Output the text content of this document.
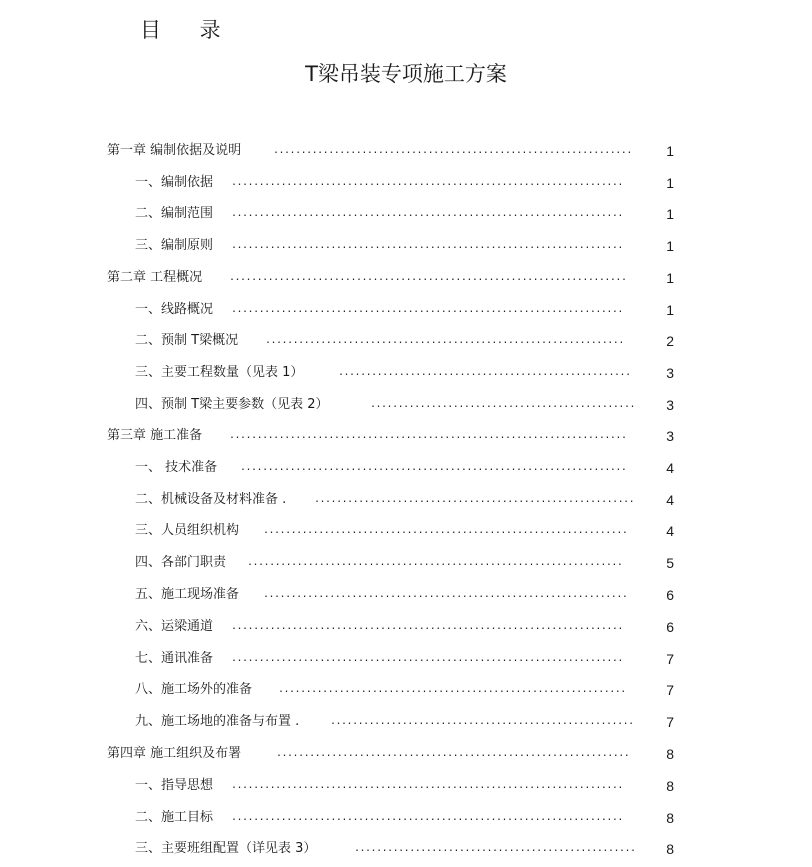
目 录
T梁吊装专项施工方案
第一章 编制依据及说明	.................................................................	1
一、编制依据 .......................................................................	1
二、编制范围 .......................................................................	1
三、编制原则 .......................................................................	1
第二章 工程概况	........................................................................	1
一、线路概况 .......................................................................	1
二、预制 T梁概况	.................................................................	2
三、主要工程数量（见表 1）	.....................................................	3
四、预制 T梁主要参数（见表 2）	................................................	3
第三章 施工准备	........................................................................	3
一、 技术准备 ......................................................................	4
二、机械设备及材料准备 .	..........................................................	4
三、人员组织机构 ..................................................................	4
四、各部门职责 ....................................................................	5
五、施工现场准备 ..................................................................	6
六、运梁通道 .......................................................................	6
七、通讯准备 .......................................................................	7
八、施工场外的准备	...............................................................	7
九、施工场地的准备与布置 .	.......................................................	7
第四章 施工组织及布署	................................................................	8
一、指导思想 .......................................................................	8
二、施工目标 .......................................................................	8
三、主要班组配置（详见表 3）	...................................................	8
